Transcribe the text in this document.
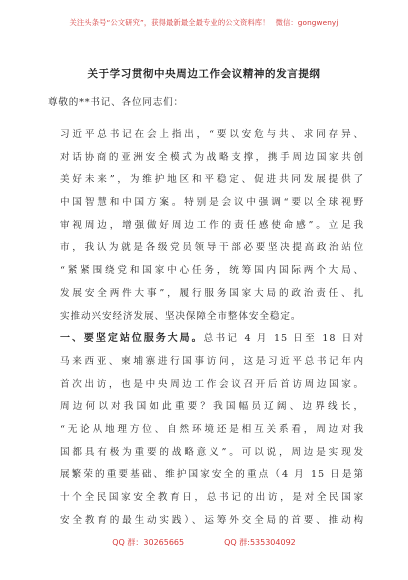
关注头条号“公文研究”，获得最新最全最专业的公文资料库！ 微信：gongwenyj
关于学习贯彻中央周边工作会议精神的发言提纲
尊敬的**书记、各位同志们：
习近平总书记在会上指出，“要以安危与共、求同存异、
对话协商的亚洲安全模式为战略支撑，携手周边国家共创
美好未来”，为维护地区和平稳定、促进共同发展提供了
中国智慧和中国方案。特别是会议中强调“要以全球视野
审视周边，增强做好周边工作的责任感使命感”。立足我
市，我认为就是各级党员领导干部必要坚决提高政治站位
“紧紧围绕党和国家中心任务，统筹国内国际两个大局、
发展安全两件大事”，履行服务国家大局的政治责任、扎
实推动兴安经济发展、坚决保障全市整体安全稳定。
一、要坚定站位服务大局。总书记 4 月 15 日至 18 日对
马来西亚、柬埔寨进行国事访问，这是习近平总书记年内
首次出访，也是中央周边工作会议召开后首访周边国家。
周边何以对我国如此重要？我国幅员辽阔、边界线长，
“无论从地理方位、自然环境还是相互关系看，周边对我
国都具有极为重要的战略意义”。可以说，周边是实现发
展繁荣的重要基础、维护国家安全的重点（4 月 15 日是第
十个全民国家安全教育日，总书记的出访，是对全民国家
安全教育的最生动实践）、运筹外交全局的首要、推动构
QQ 群：30265665	QQ 群:535304092
